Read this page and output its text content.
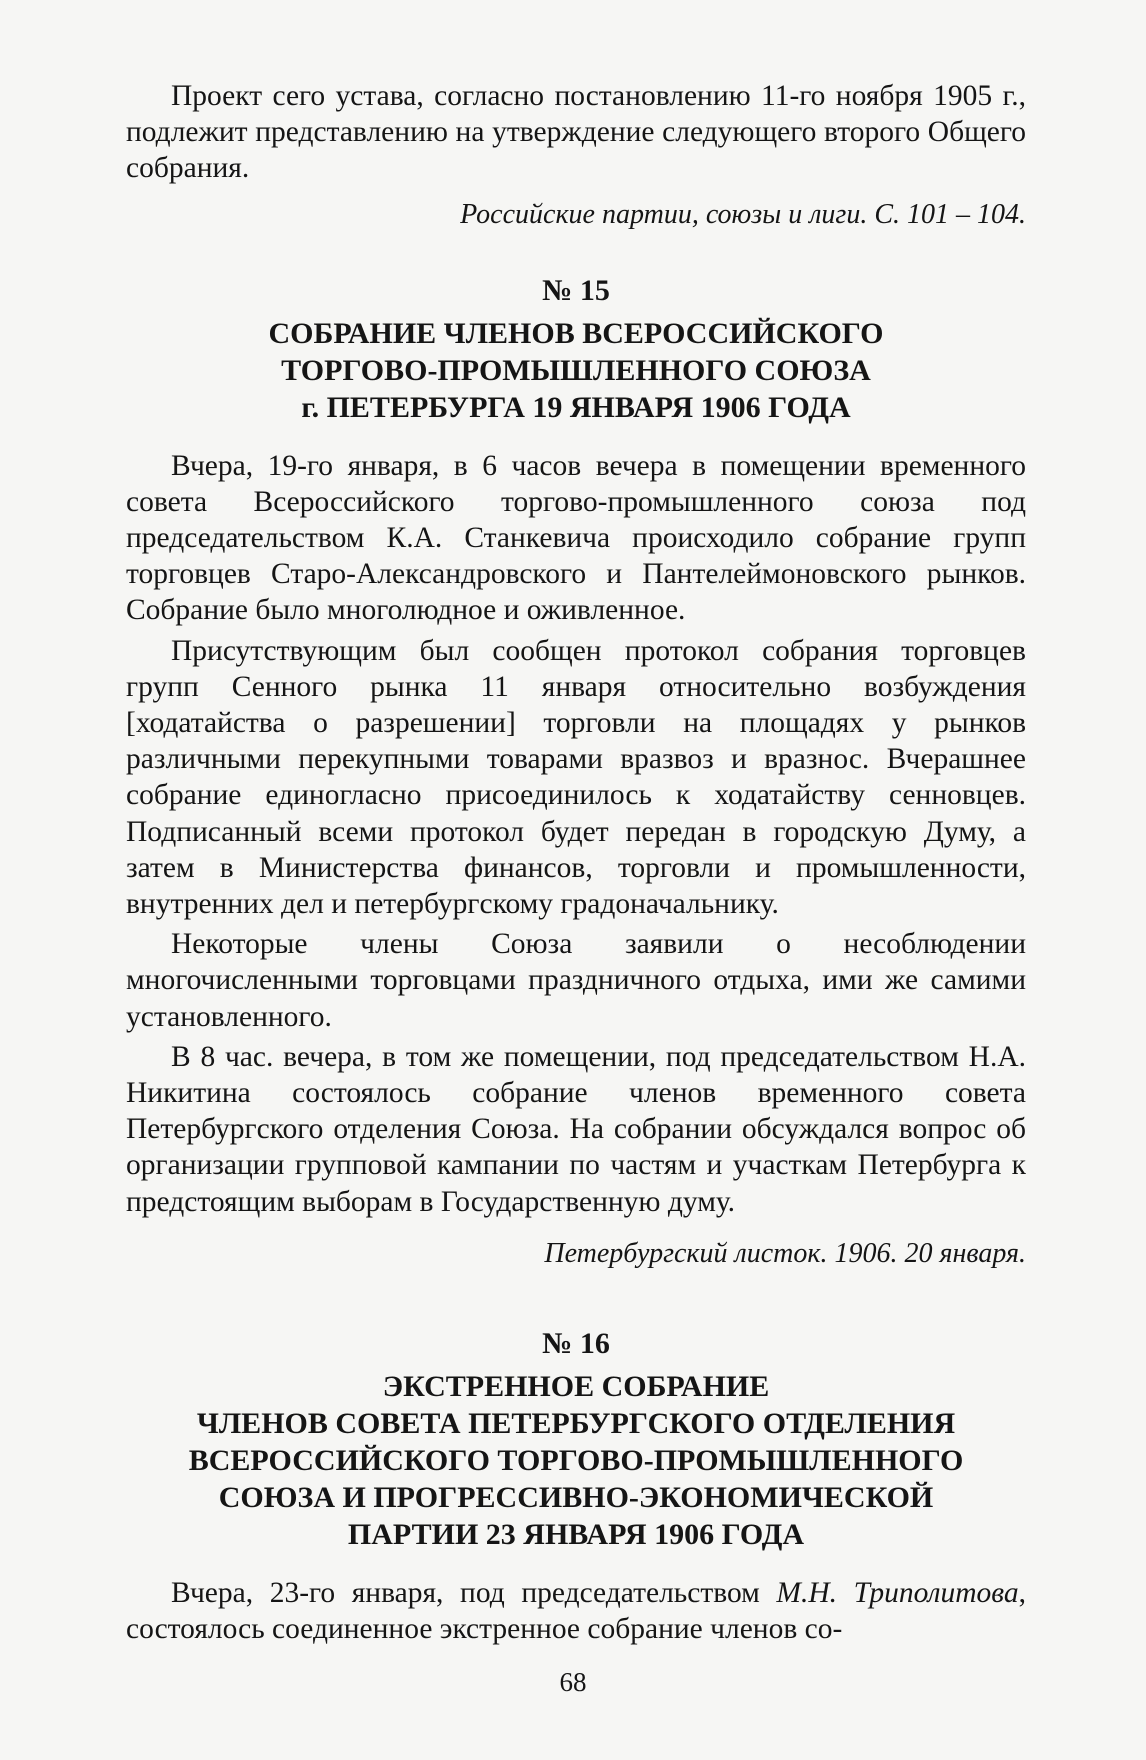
Проект сего устава, согласно постановлению 11-го ноября 1905 г., подлежит представлению на утверждение следующего второго Общего собрания.

Российские партии, союзы и лиги. С. 101 – 104.

№ 15

СОБРАНИЕ ЧЛЕНОВ ВСЕРОССИЙСКОГО
ТОРГОВО-ПРОМЫШЛЕННОГО СОЮЗА
г. ПЕТЕРБУРГА 19 ЯНВАРЯ 1906 ГОДА

Вчера, 19-го января, в 6 часов вечера в помещении временного совета Всероссийского торгово-промышленного союза под председательством К.А. Станкевича происходило собрание групп торговцев Старо-Александровского и Пантелеймоновского рынков. Собрание было многолюдное и оживленное.

Присутствующим был сообщен протокол собрания торговцев групп Сенного рынка 11 января относительно возбуждения [ходатайства о разрешении] торговли на площадях у рынков различными перекупными товарами вразвоз и вразнос. Вчерашнее собрание единогласно присоединилось к ходатайству сенновцев. Подписанный всеми протокол будет передан в городскую Думу, а затем в Министерства финансов, торговли и промышленности, внутренних дел и петербургскому градоначальнику.

Некоторые члены Союза заявили о несоблюдении многочисленными торговцами праздничного отдыха, ими же самими установленного.

В 8 час. вечера, в том же помещении, под председательством Н.А. Никитина состоялось собрание членов временного совета Петербургского отделения Союза. На собрании обсуждался вопрос об организации групповой кампании по частям и участкам Петербурга к предстоящим выборам в Государственную думу.

Петербургский листок. 1906. 20 января.

№ 16

ЭКСТРЕННОЕ СОБРАНИЕ
ЧЛЕНОВ СОВЕТА ПЕТЕРБУРГСКОГО ОТДЕЛЕНИЯ
ВСЕРОССИЙСКОГО ТОРГОВО-ПРОМЫШЛЕННОГО
СОЮЗА И ПРОГРЕССИВНО-ЭКОНОМИЧЕСКОЙ
ПАРТИИ 23 ЯНВАРЯ 1906 ГОДА

Вчера, 23-го января, под председательством М.Н. Триполитова, состоялось соединенное экстренное собрание членов со-

68
